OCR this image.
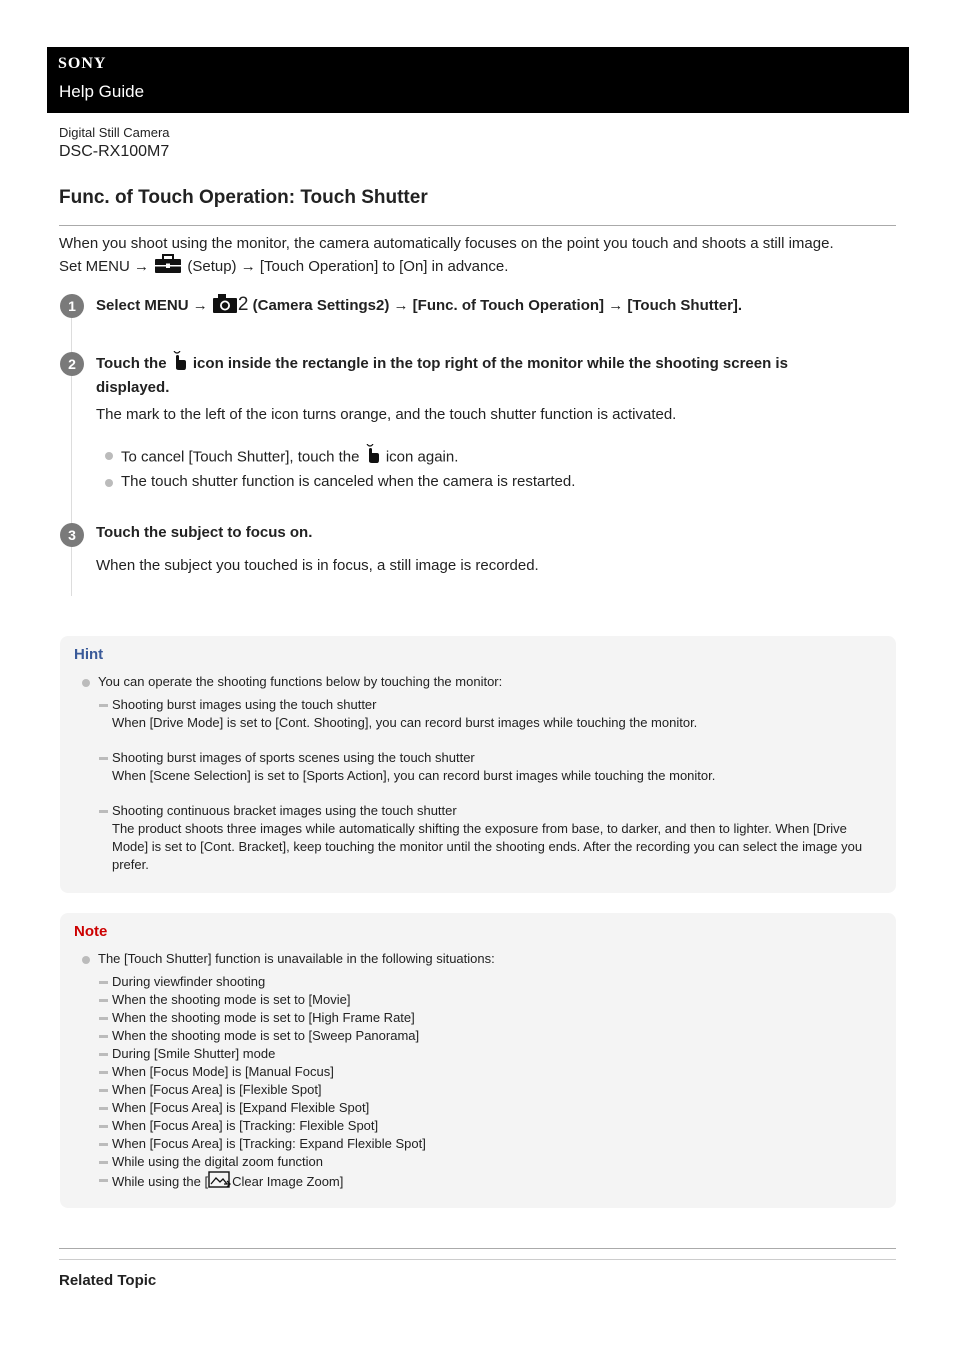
SONY
Help Guide
Digital Still Camera
DSC-RX100M7
Func. of Touch Operation: Touch Shutter

When you shoot using the monitor, the camera automatically focuses on the point you touch and shoots a still image.

Set MENU →	(Setup) → [Touch Operation] to [On] in advance.

1	Select MENU → 2 (Camera Settings2) → [Func. of Touch Operation] → [Touch Shutter].
2	Touch the icon inside the rectangle in the top right of the monitor while the shooting screen is
displayed.
The mark to the left of the icon turns orange, and the touch shutter function is activated.
To cancel [Touch Shutter], touch the icon again.
The touch shutter function is canceled when the camera is restarted.
3	Touch the subject to focus on.
When the subject you touched is in focus, a still image is recorded.
Hint
You can operate the shooting functions below by touching the monitor:
Shooting burst images using the touch shutter
When [Drive Mode] is set to [Cont. Shooting], you can record burst images while touching the monitor.
Shooting burst images of sports scenes using the touch shutter
When [Scene Selection] is set to [Sports Action], you can record burst images while touching the monitor.
Shooting continuous bracket images using the touch shutter
The product shoots three images while automatically shifting the exposure from base, to darker, and then to lighter. When [Drive Mode] is set to [Cont. Bracket], keep touching the monitor until the shooting ends. After the recording you can select the image you prefer.
Note
The [Touch Shutter] function is unavailable in the following situations:
During viewfinder shooting
When the shooting mode is set to [Movie]
When the shooting mode is set to [High Frame Rate]
When the shooting mode is set to [Sweep Panorama]
During [Smile Shutter] mode
When [Focus Mode] is [Manual Focus]
When [Focus Area] is [Flexible Spot]
When [Focus Area] is [Expand Flexible Spot]
When [Focus Area] is [Tracking: Flexible Spot]
When [Focus Area] is [Tracking: Expand Flexible Spot]
While using the digital zoom function
While using the [ Clear Image Zoom]
Related Topic
